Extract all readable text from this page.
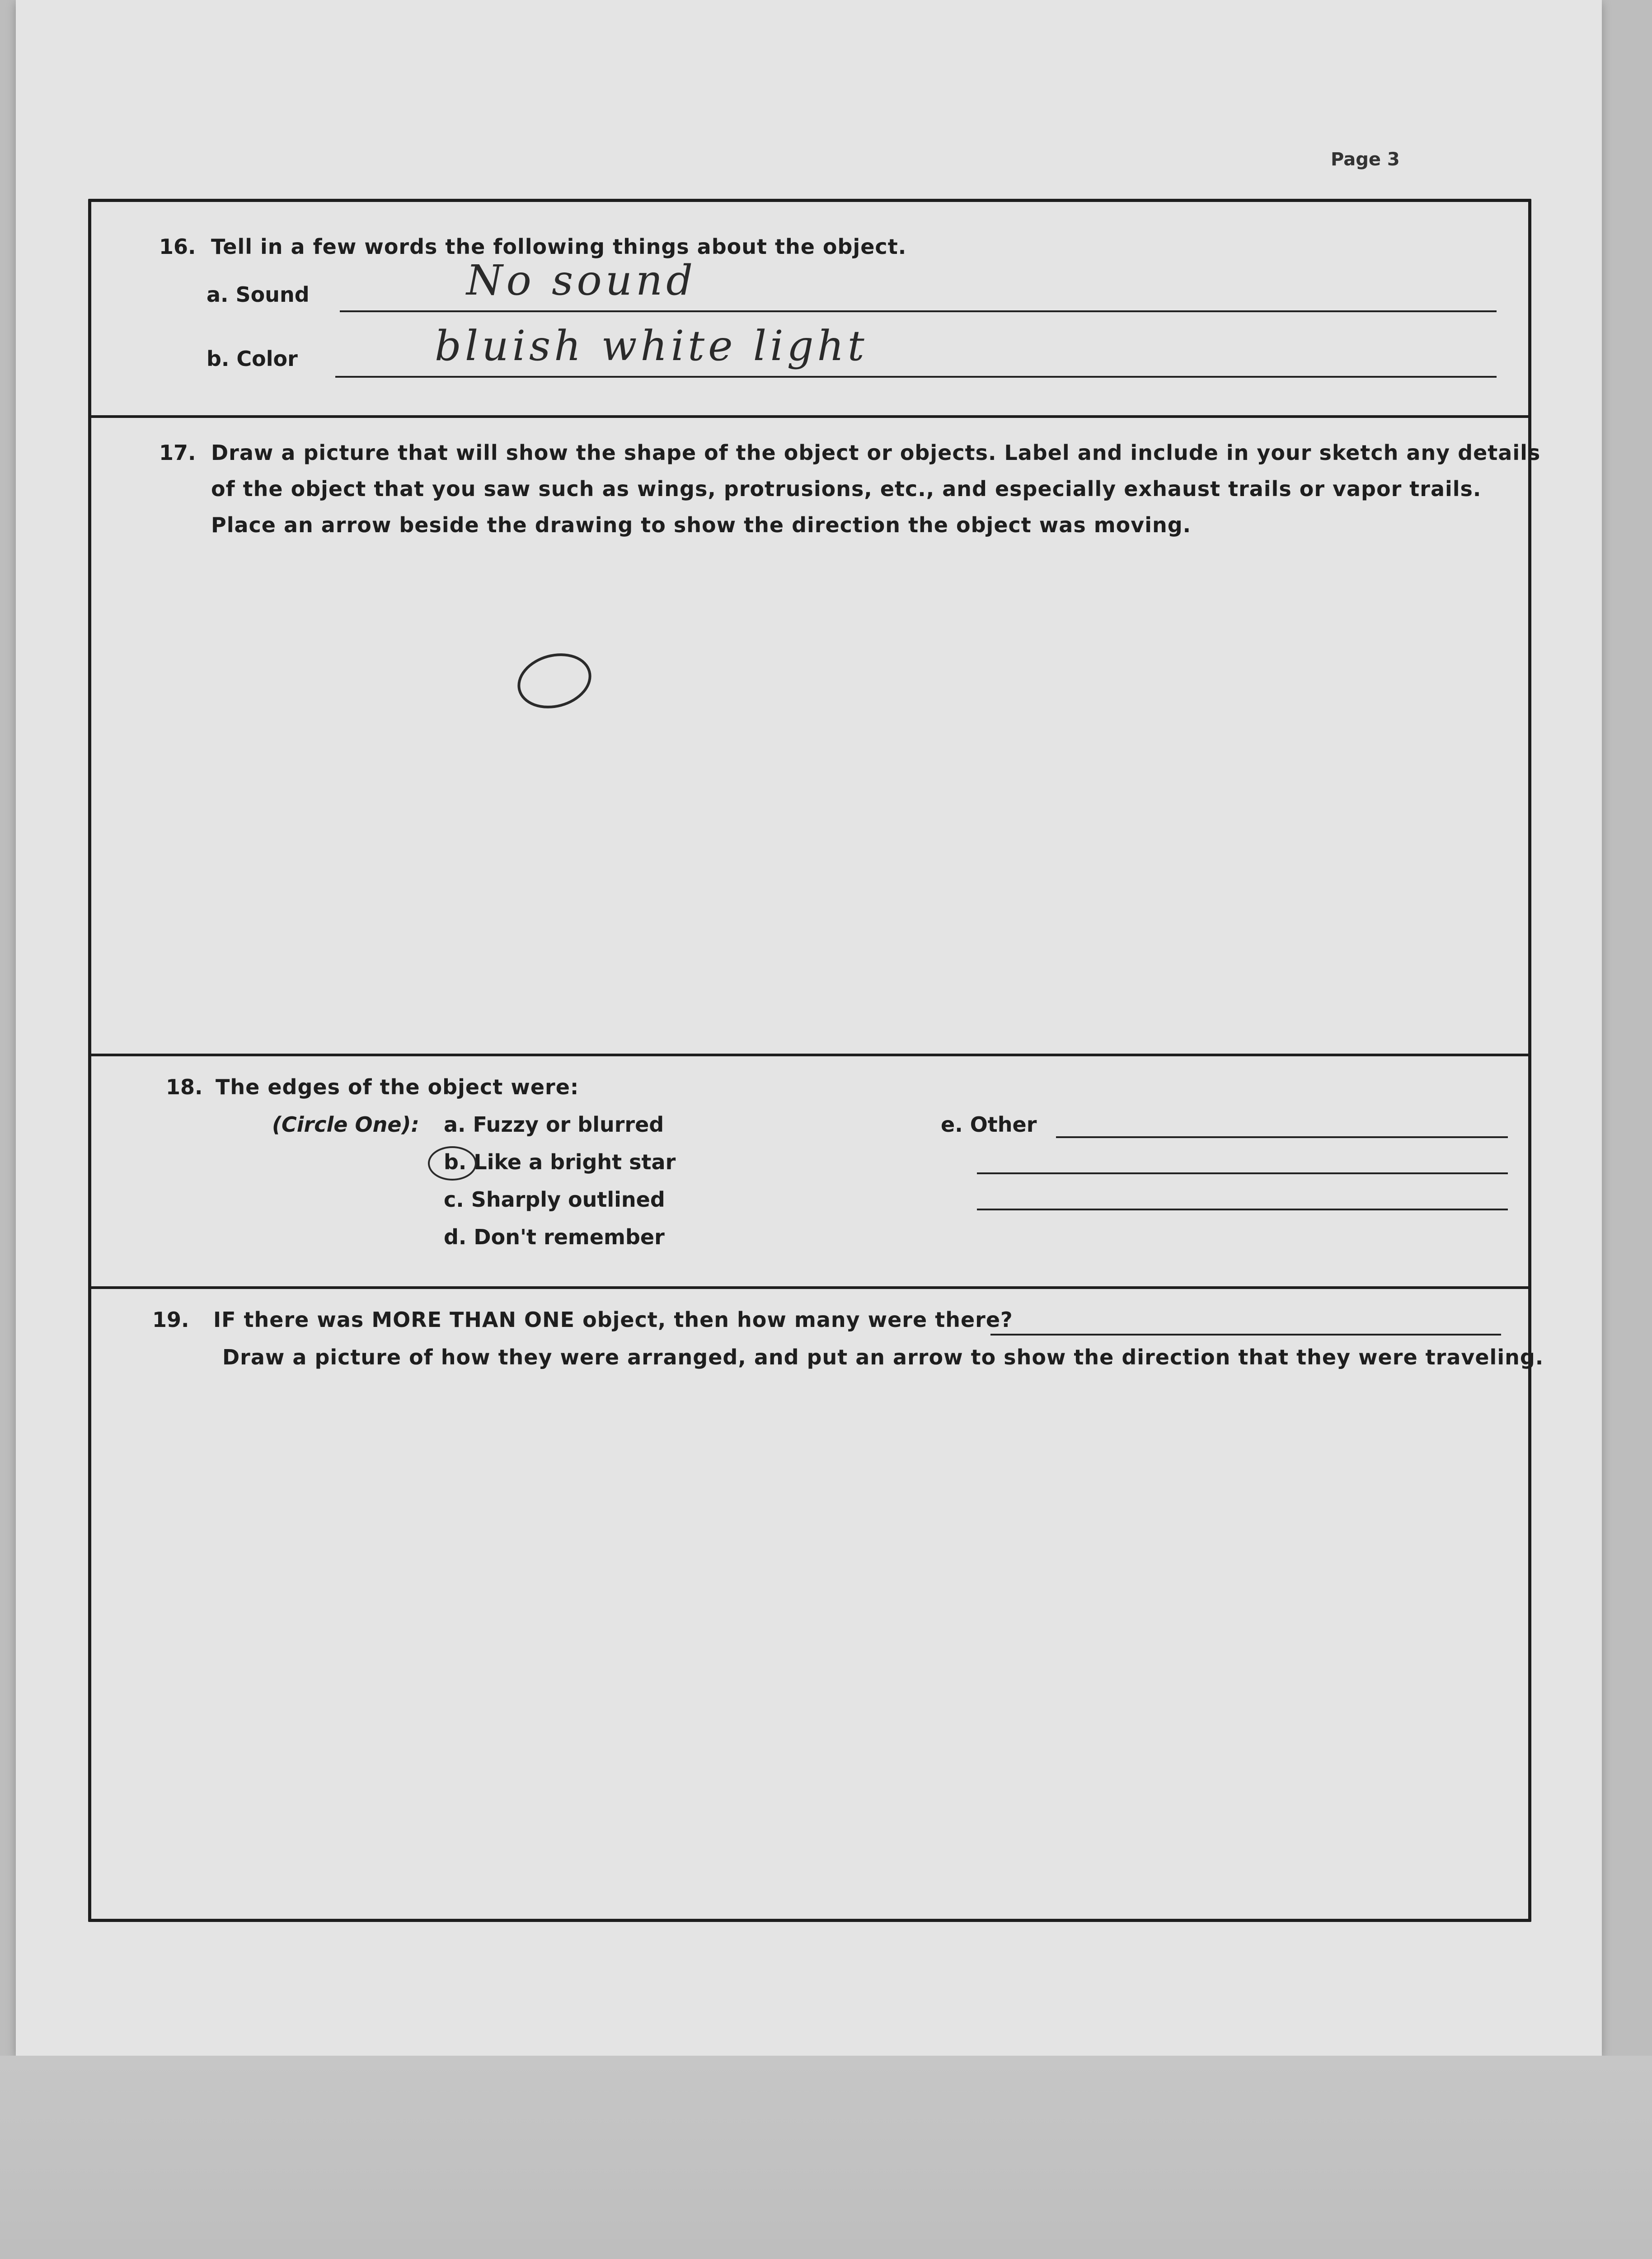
Page 3
16. Tell in a few words the following things about the object.
a. Sound	No sound
b. Color	bluish white light
17. Draw a picture that will show the shape of the object or objects. Label and include in your sketch any details
of the object that you saw such as wings, protrusions, etc., and especially exhaust trails or vapor trails.
Place an arrow beside the drawing to show the direction the object was moving.
18. The edges of the object were:
(Circle One): a. Fuzzy or blurred
b. Like a bright star
c. Sharply outlined
d. Don't remember
e. Other
19. IF there was MORE THAN ONE object, then how many were there?
Draw a picture of how they were arranged, and put an arrow to show the direction that they were traveling.
